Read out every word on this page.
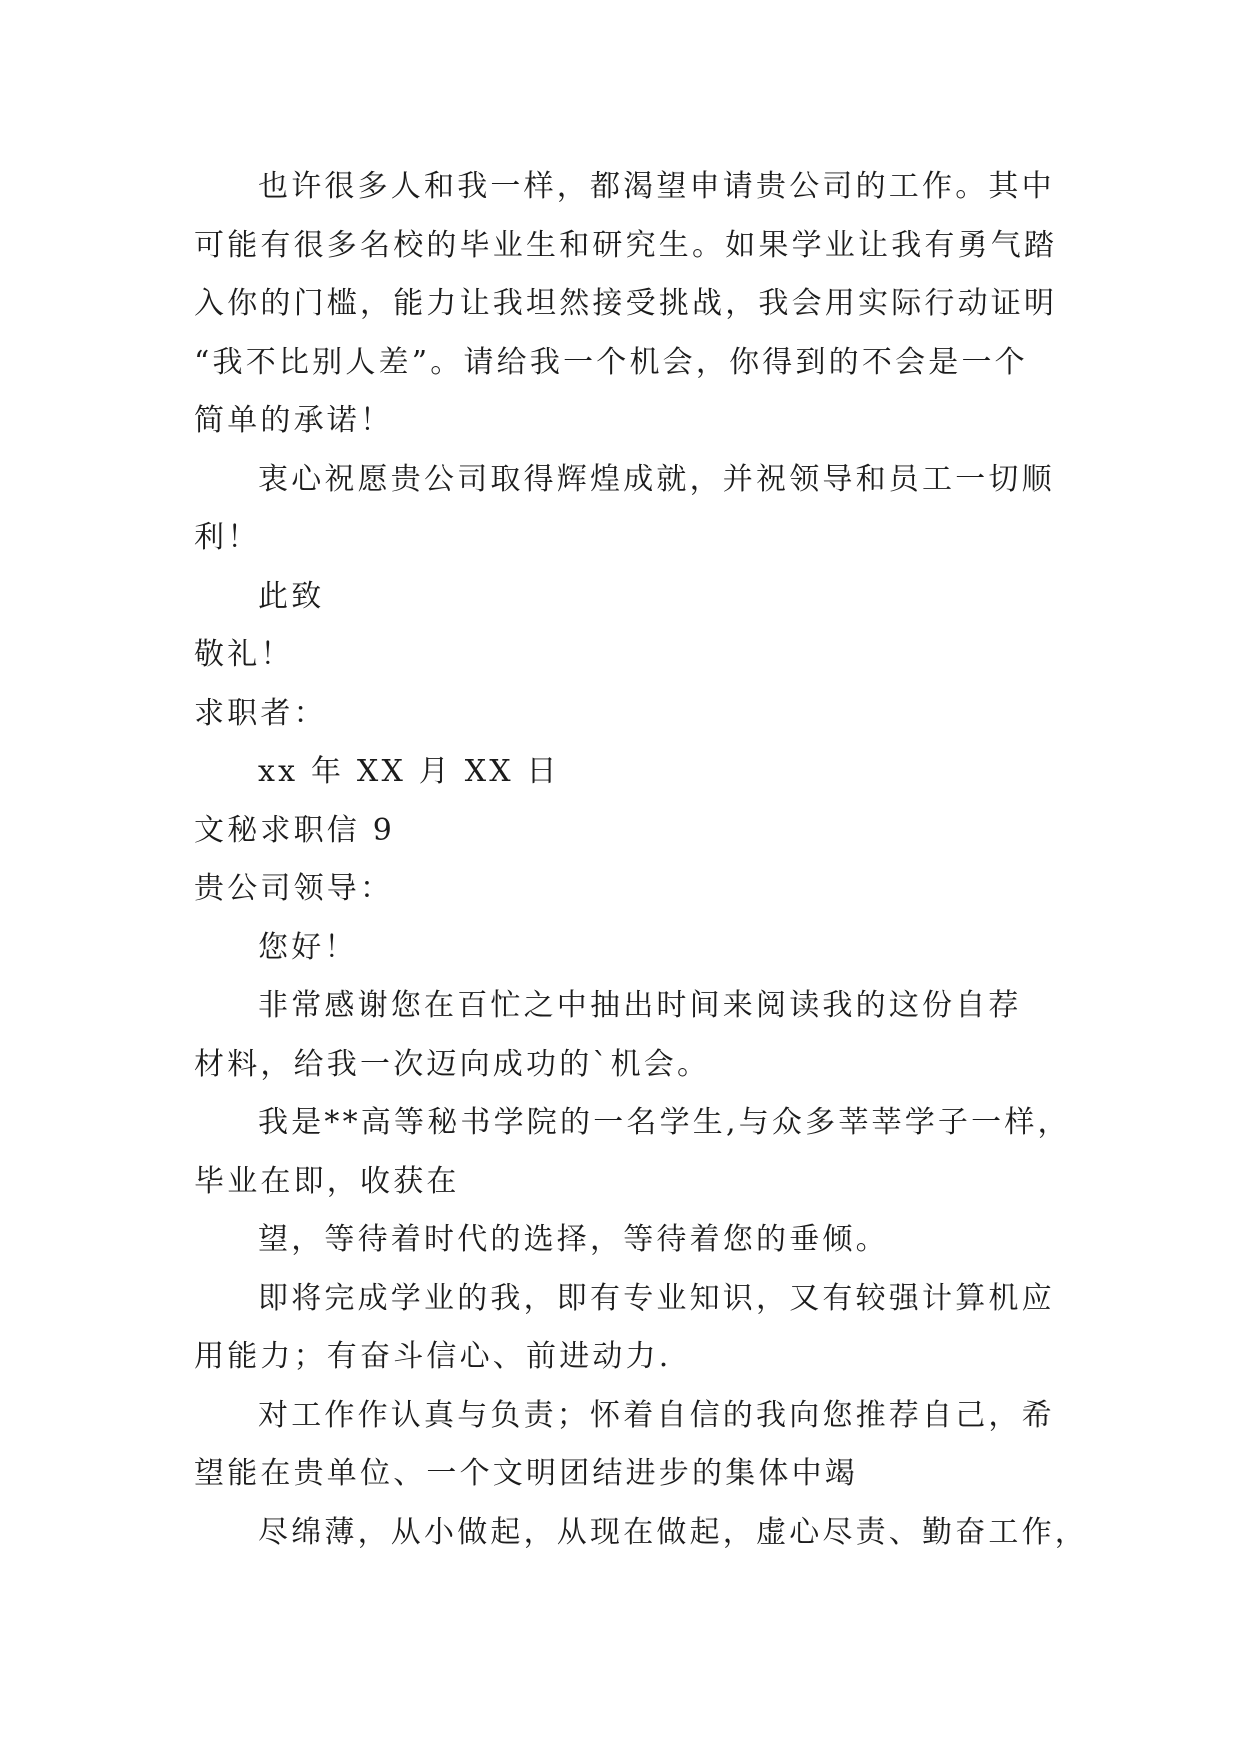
也许很多人和我一样，都渴望申请贵公司的工作。其中
可能有很多名校的毕业生和研究生。如果学业让我有勇气踏
入你的门槛，能力让我坦然接受挑战，我会用实际行动证明
“我不比别人差”。请给我一个机会，你得到的不会是一个
简单的承诺！
衷心祝愿贵公司取得辉煌成就，并祝领导和员工一切顺
利！
此致
敬礼！
求职者：
xx 年 XX 月 XX 日
文秘求职信 9
贵公司领导：
您好！
非常感谢您在百忙之中抽出时间来阅读我的这份自荐
材料，给我一次迈向成功的`机会。
我是**高等秘书学院的一名学生,与众多莘莘学子一样，
毕业在即，收获在
望，等待着时代的选择，等待着您的垂倾。
即将完成学业的我，即有专业知识，又有较强计算机应
用能力；有奋斗信心、前进动力.
对工作作认真与负责；怀着自信的我向您推荐自己，希
望能在贵单位、一个文明团结进步的集体中竭
尽绵薄，从小做起，从现在做起，虚心尽责、勤奋工作，
